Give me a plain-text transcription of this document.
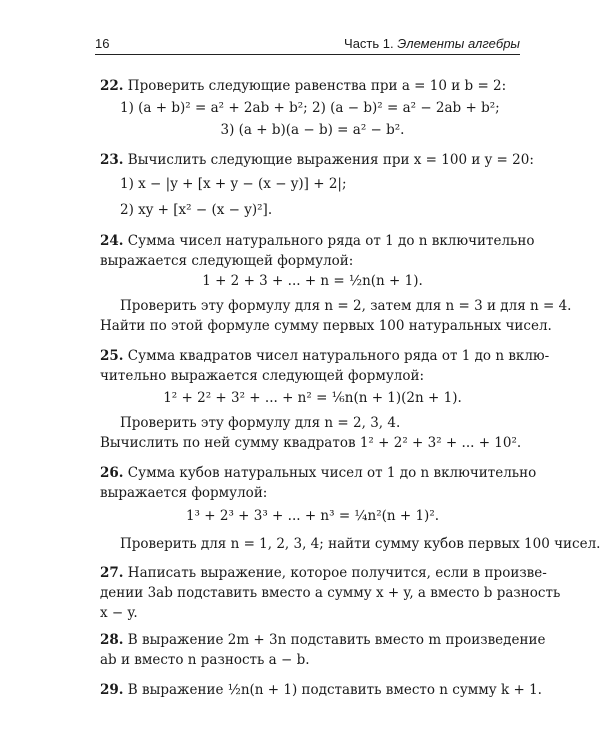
16	Часть 1. Элементы алгебры
22. Проверить следующие равенства при a = 10 и b = 2:
1) (a + b)² = a² + 2ab + b²; 2) (a − b)² = a² − 2ab + b²;
3) (a + b)(a − b) = a² − b².
23. Вычислить следующие выражения при x = 100 и y = 20:
1) x − |y + [x + y − (x − y)] + 2|;
2) xy + [x² − (x − y)²].
24. Сумма чисел натурального ряда от 1 до n включительно
выражается следующей формулой:
1 + 2 + 3 + ... + n = ½n(n + 1).
Проверить эту формулу для n = 2, затем для n = 3 и для n = 4.
Найти по этой формуле сумму первых 100 натуральных чисел.
25. Сумма квадратов чисел натурального ряда от 1 до n вклю-
чительно выражается следующей формулой:
1² + 2² + 3² + ... + n² = ⅙n(n + 1)(2n + 1).
Проверить эту формулу для n = 2, 3, 4.
Вычислить по ней сумму квадратов 1² + 2² + 3² + ... + 10².
26. Сумма кубов натуральных чисел от 1 до n включительно
выражается формулой:
1³ + 2³ + 3³ + ... + n³ = ¼n²(n + 1)².
Проверить для n = 1, 2, 3, 4; найти сумму кубов первых 100 чисел.
27. Написать выражение, которое получится, если в произве-
дении 3ab подставить вместо a сумму x + y, а вместо b разность
x − y.
28. В выражение 2m + 3n подставить вместо m произведение
ab и вместо n разность a − b.
29. В выражение ½n(n + 1) подставить вместо n сумму k + 1.
